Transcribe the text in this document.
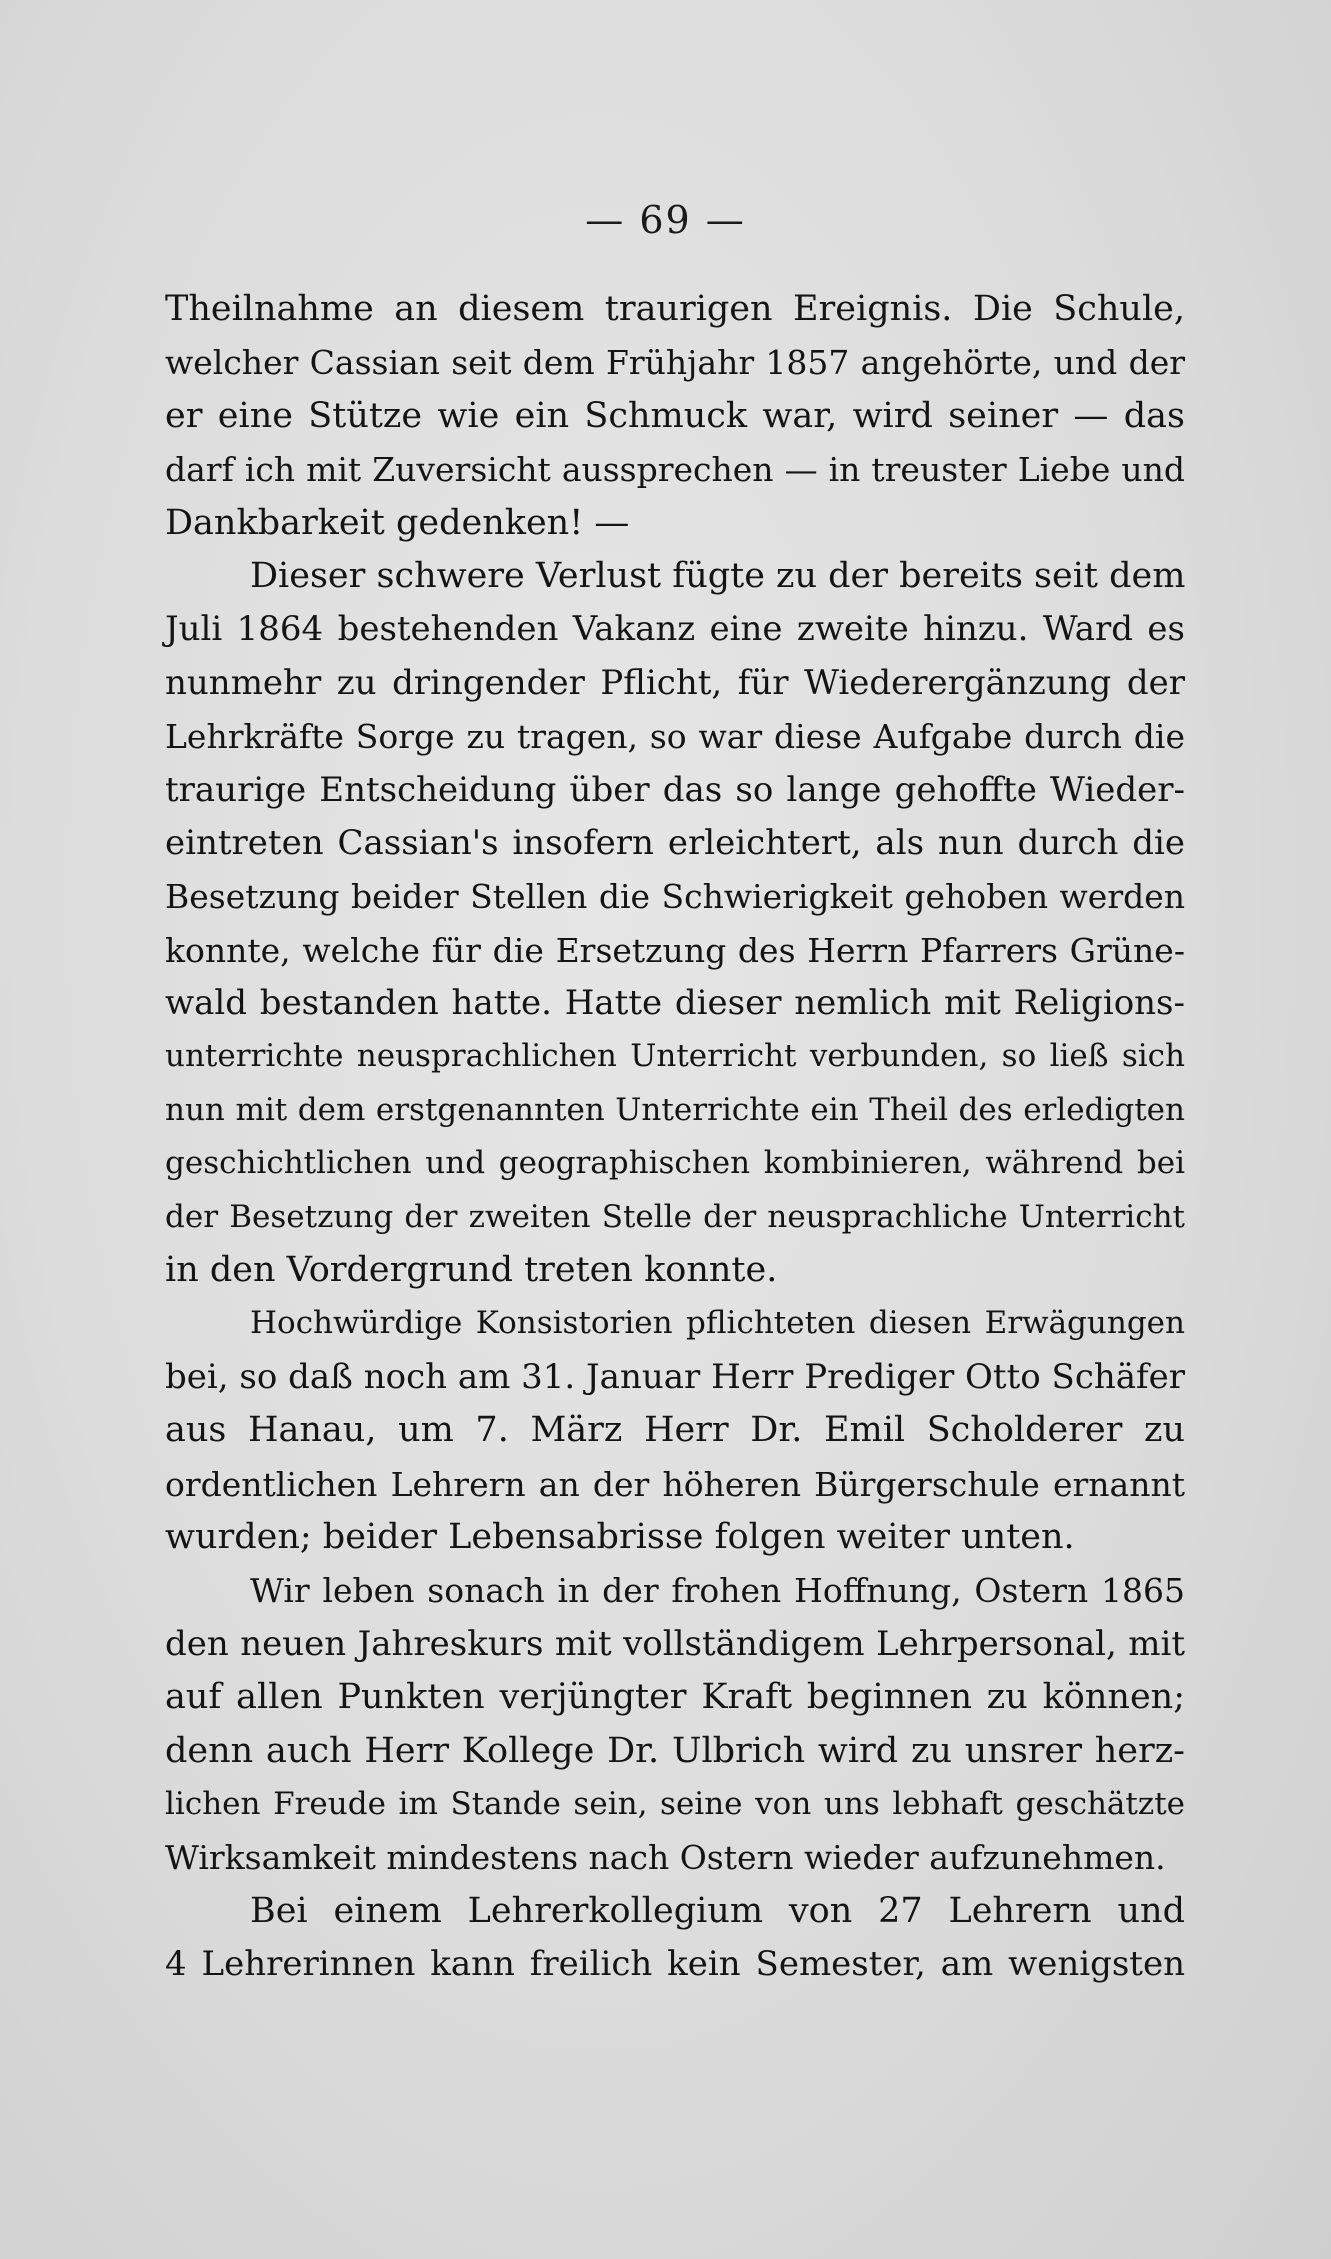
— 69 —
Theilnahme an diesem traurigen Ereignis. Die Schule,
welcher Cassian seit dem Frühjahr 1857 angehörte, und der
er eine Stütze wie ein Schmuck war, wird seiner — das
darf ich mit Zuversicht aussprechen — in treuster Liebe und
Dankbarkeit gedenken! —
Dieser schwere Verlust fügte zu der bereits seit dem
Juli 1864 bestehenden Vakanz eine zweite hinzu. Ward es
nunmehr zu dringender Pflicht, für Wiederergänzung der
Lehrkräfte Sorge zu tragen, so war diese Aufgabe durch die
traurige Entscheidung über das so lange gehoffte Wieder-
eintreten Cassian's insofern erleichtert, als nun durch die
Besetzung beider Stellen die Schwierigkeit gehoben werden
konnte, welche für die Ersetzung des Herrn Pfarrers Grüne-
wald bestanden hatte. Hatte dieser nemlich mit Religions-
unterrichte neusprachlichen Unterricht verbunden, so ließ sich
nun mit dem erstgenannten Unterrichte ein Theil des erledigten
geschichtlichen und geographischen kombinieren, während bei
der Besetzung der zweiten Stelle der neusprachliche Unterricht
in den Vordergrund treten konnte.
Hochwürdige Konsistorien pflichteten diesen Erwägungen
bei, so daß noch am 31. Januar Herr Prediger Otto Schäfer
aus Hanau, um 7. März Herr Dr. Emil Scholderer zu
ordentlichen Lehrern an der höheren Bürgerschule ernannt
wurden; beider Lebensabrisse folgen weiter unten.
Wir leben sonach in der frohen Hoffnung, Ostern 1865
den neuen Jahreskurs mit vollständigem Lehrpersonal, mit
auf allen Punkten verjüngter Kraft beginnen zu können;
denn auch Herr Kollege Dr. Ulbrich wird zu unsrer herz-
lichen Freude im Stande sein, seine von uns lebhaft geschätzte
Wirksamkeit mindestens nach Ostern wieder aufzunehmen.
Bei einem Lehrerkollegium von 27 Lehrern und
4 Lehrerinnen kann freilich kein Semester, am wenigsten
